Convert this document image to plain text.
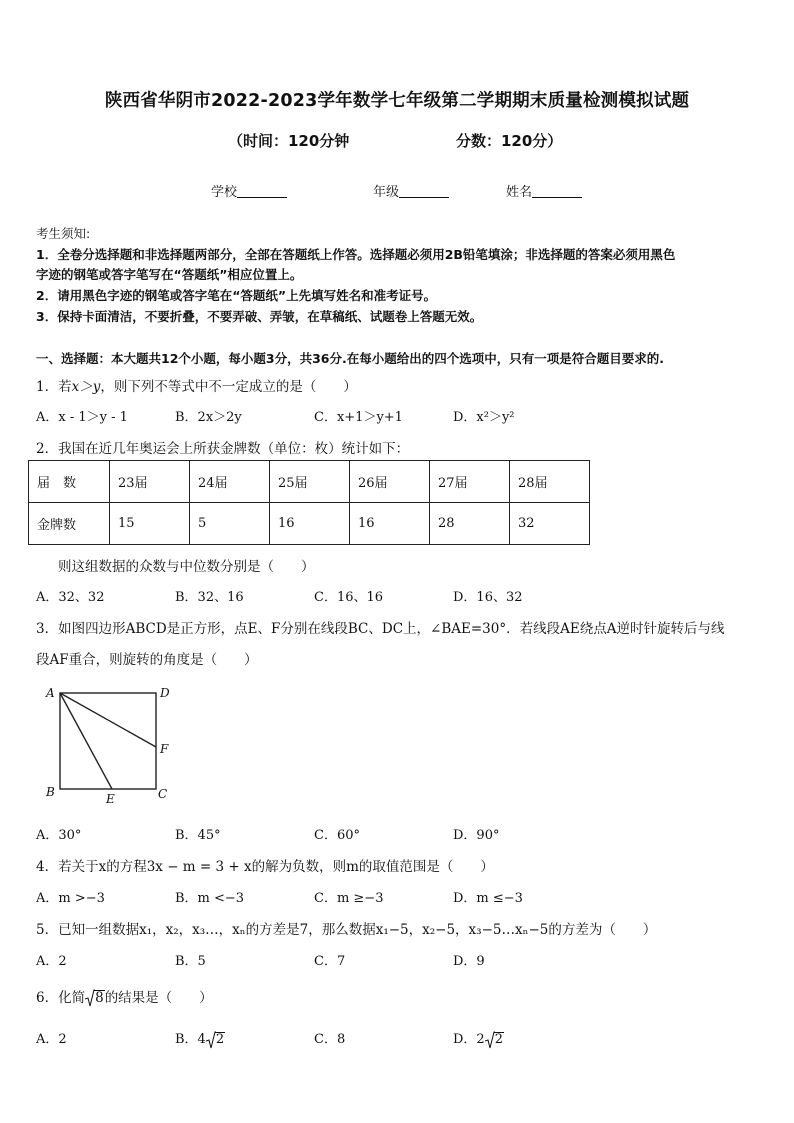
陕西省华阴市2022-2023学年数学七年级第二学期期末质量检测模拟试题
（时间：120分钟	分数：120分）
学校	年级	姓名
考生须知:
1．全卷分选择题和非选择题两部分，全部在答题纸上作答。选择题必须用2B铅笔填涂；非选择题的答案必须用黑色
字迹的钢笔或答字笔写在“答题纸”相应位置上。
2．请用黑色字迹的钢笔或答字笔在“答题纸”上先填写姓名和准考证号。
3．保持卡面清洁，不要折叠，不要弄破、弄皱，在草稿纸、试题卷上答题无效。
一、选择题：本大题共12个小题，每小题3分，共36分.在每小题给出的四个选项中，只有一项是符合题目要求的.
1．若x＞y，则下列不等式中不一定成立的是（　　）
A．x - 1＞y - 1	B．2x＞2y	C．x+1＞y+1	D．x²＞y²
2．我国在近几年奥运会上所获金牌数（单位：枚）统计如下：
届　数	23届	24届	25届	26届	27届	28届
金牌数	15	5	16	16	28	32
则这组数据的众数与中位数分别是（　　）
A．32、32	B．32、16	C．16、16	D．16、32
3．如图四边形ABCD是正方形，点E、F分别在线段BC、DC上，∠BAE=30°．若线段AE绕点A逆时针旋转后与线
段AF重合，则旋转的角度是（　　）
A	D
F
B	E	C
A．30°	B．45°	C．60°	D．90°
4．若关于x的方程3x − m = 3 + x的解为负数，则m的取值范围是（　　）
A．m >−3	B．m <−3	C．m ≥−3	D．m ≤−3
5．已知一组数据x₁，x₂，x₃…，xₙ的方差是7，那么数据x₁−5，x₂−5，x₃−5…xₙ−5的方差为（　　）
A．2	B．5	C．7	D．9
6．化简 8的结果是（　　）
A．2	B．4 2	C．8	D．2 2
